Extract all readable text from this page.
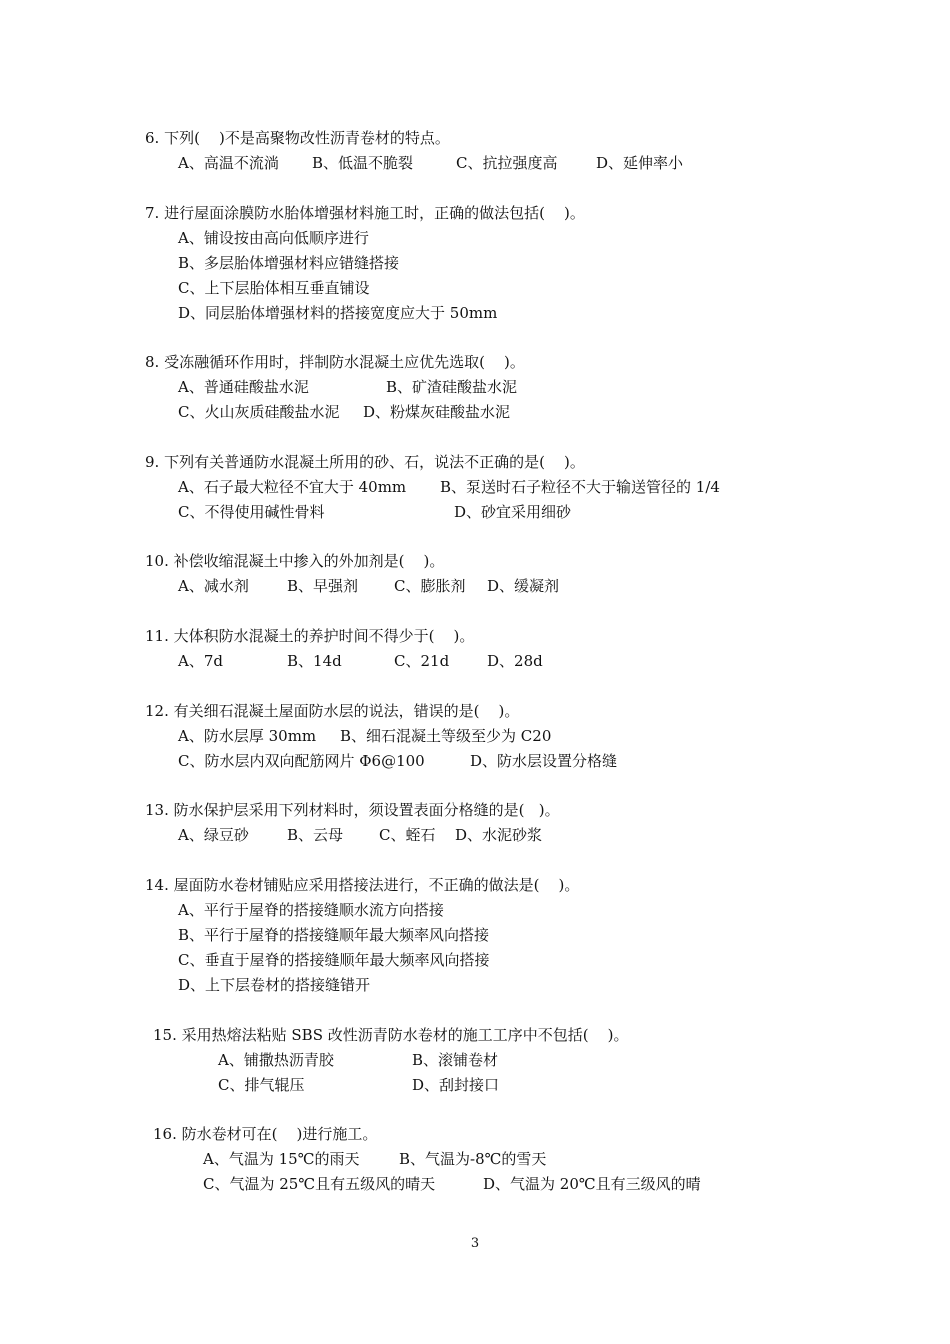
6. 下列(    )不是高聚物改性沥青卷材的特点。
A、高温不流淌 B、低温不脆裂	C、抗拉强度高	D、延伸率小
7. 进行屋面涂膜防水胎体增强材料施工时，正确的做法包括(    )。
A、铺设按由高向低顺序进行
B、多层胎体增强材料应错缝搭接
C、上下层胎体相互垂直铺设
D、同层胎体增强材料的搭接宽度应大于 50mm
8. 受冻融循环作用时，拌制防水混凝土应优先选取(    )。
A、普通硅酸盐水泥	B、矿渣硅酸盐水泥
C、火山灰质硅酸盐水泥 D、粉煤灰硅酸盐水泥
9. 下列有关普通防水混凝土所用的砂、石，说法不正确的是(    )。
A、石子最大粒径不宜大于 40mm B、泵送时石子粒径不大于输送管径的 1/4
C、不得使用碱性骨料	D、砂宜采用细砂
10. 补偿收缩混凝土中掺入的外加剂是(    )。
A、减水剂	B、早强剂 C、膨胀剂 D、缓凝剂
11. 大体积防水混凝土的养护时间不得少于(    )。
A、7d	B、14d	C、21d	D、28d
12. 有关细石混凝土屋面防水层的说法，错误的是(    )。
A、防水层厚 30mm B、细石混凝土等级至少为 C20
C、防水层内双向配筋网片 Φ6@100	D、防水层设置分格缝
13. 防水保护层采用下列材料时，须设置表面分格缝的是(   )。
A、绿豆砂	B、云母 C、蛭石 D、水泥砂浆
14. 屋面防水卷材铺贴应采用搭接法进行，不正确的做法是(    )。
A、平行于屋脊的搭接缝顺水流方向搭接
B、平行于屋脊的搭接缝顺年最大频率风向搭接
C、垂直于屋脊的搭接缝顺年最大频率风向搭接
D、上下层卷材的搭接缝错开
15. 采用热熔法粘贴 SBS 改性沥青防水卷材的施工工序中不包括(    )。
A、铺撒热沥青胶	B、滚铺卷材
C、排气辊压	D、刮封接口
16. 防水卷材可在(    )进行施工。
A、气温为 15℃的雨天	B、气温为-8℃的雪天
C、气温为 25℃且有五级风的晴天	D、气温为 20℃且有三级风的晴
3
